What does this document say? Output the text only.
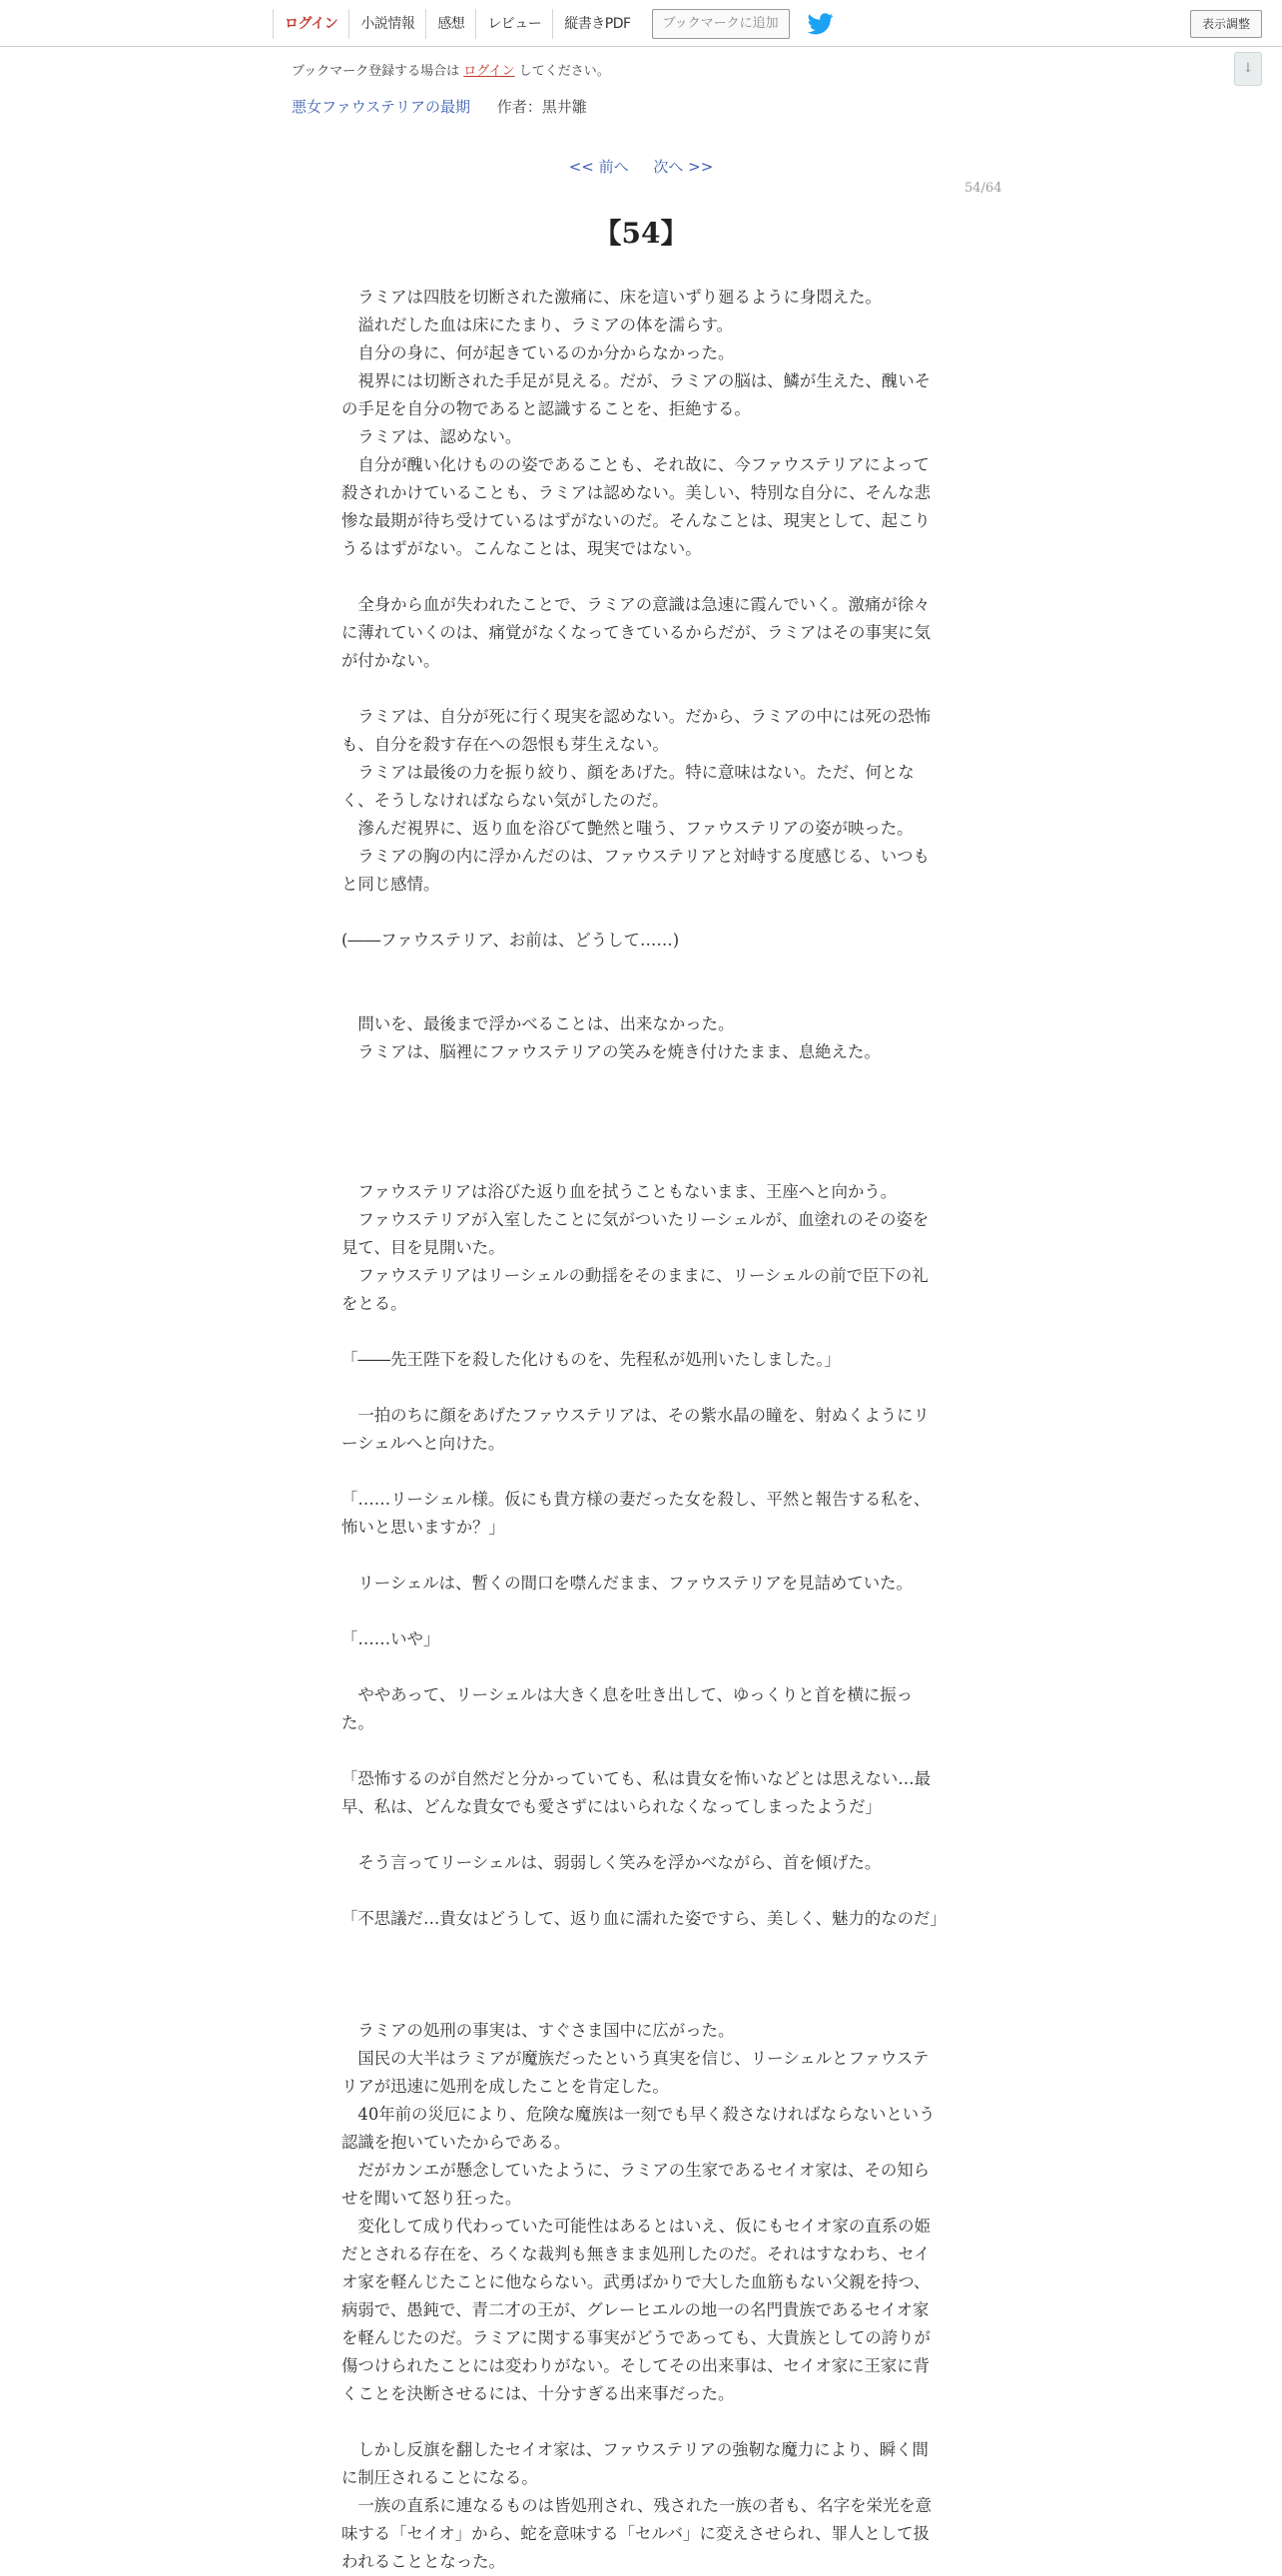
ログイン	小説情報	感想	レビュー	縦書きPDF	ブックマークに追加	表示調整
↓
ブックマーク登録する場合は ログイン してください。
悪女ファウステリアの最期 作者：黒井雛
<< 前へ 次へ >>
54/64
【54】

　ラミアは四肢を切断された激痛に、床を這いずり廻るように身悶えた。

　溢れだした血は床にたまり、ラミアの体を濡らす。

　自分の身に、何が起きているのか分からなかった。

　視界には切断された手足が見える。だが、ラミアの脳は、鱗が生えた、醜いその手足を自分の物であると認識することを、拒絶する。

　ラミアは、認めない。

　自分が醜い化けものの姿であることも、それ故に、今ファウステリアによって殺されかけていることも、ラミアは認めない。美しい、特別な自分に、そんな悲惨な最期が待ち受けているはずがないのだ。そんなことは、現実として、起こりうるはずがない。こんなことは、現実ではない。

　全身から血が失われたことで、ラミアの意識は急速に霞んでいく。激痛が徐々に薄れていくのは、痛覚がなくなってきているからだが、ラミアはその事実に気が付かない。

　ラミアは、自分が死に行く現実を認めない。だから、ラミアの中には死の恐怖も、自分を殺す存在への怨恨も芽生えない。

　ラミアは最後の力を振り絞り、顔をあげた。特に意味はない。ただ、何となく、そうしなければならない気がしたのだ。

　滲んだ視界に、返り血を浴びて艶然と嗤う、ファウステリアの姿が映った。

　ラミアの胸の内に浮かんだのは、ファウステリアと対峙する度感じる、いつもと同じ感情。

(――ファウステリア、お前は、どうして……)

　問いを、最後まで浮かべることは、出来なかった。

　ラミアは、脳裡にファウステリアの笑みを焼き付けたまま、息絶えた。

　ファウステリアは浴びた返り血を拭うこともないまま、王座へと向かう。

　ファウステリアが入室したことに気がついたリーシェルが、血塗れのその姿を見て、目を見開いた。

　ファウステリアはリーシェルの動揺をそのままに、リーシェルの前で臣下の礼をとる。

「――先王陛下を殺した化けものを、先程私が処刑いたしました。」

　一拍のちに顔をあげたファウステリアは、その紫水晶の瞳を、射ぬくようにリーシェルへと向けた。

「……リーシェル様。仮にも貴方様の妻だった女を殺し、平然と報告する私を、怖いと思いますか？」

　リーシェルは、暫くの間口を噤んだまま、ファウステリアを見詰めていた。

「……いや」

　ややあって、リーシェルは大きく息を吐き出して、ゆっくりと首を横に振った。

「恐怖するのが自然だと分かっていても、私は貴女を怖いなどとは思えない…最早、私は、どんな貴女でも愛さずにはいられなくなってしまったようだ」

　そう言ってリーシェルは、弱弱しく笑みを浮かべながら、首を傾げた。

「不思議だ…貴女はどうして、返り血に濡れた姿ですら、美しく、魅力的なのだ」

　ラミアの処刑の事実は、すぐさま国中に広がった。

　国民の大半はラミアが魔族だったという真実を信じ、リーシェルとファウステリアが迅速に処刑を成したことを肯定した。

　40年前の災厄により、危険な魔族は一刻でも早く殺さなければならないという認識を抱いていたからである。

　だがカンエが懸念していたように、ラミアの生家であるセイオ家は、その知らせを聞いて怒り狂った。

　変化して成り代わっていた可能性はあるとはいえ、仮にもセイオ家の直系の姫だとされる存在を、ろくな裁判も無きまま処刑したのだ。それはすなわち、セイオ家を軽んじたことに他ならない。武勇ばかりで大した血筋もない父親を持つ、病弱で、愚鈍で、青二才の王が、グレーヒエルの地一の名門貴族であるセイオ家を軽んじたのだ。ラミアに関する事実がどうであっても、大貴族としての誇りが傷つけられたことには変わりがない。そしてその出来事は、セイオ家に王家に背くことを決断させるには、十分すぎる出来事だった。

　しかし反旗を翻したセイオ家は、ファウステリアの強靭な魔力により、瞬く間に制圧されることになる。

　一族の直系に連なるものは皆処刑され、残された一族の者も、名字を栄光を意味する「セイオ」から、蛇を意味する「セルバ」に変えさせられ、罪人として扱われることとなった。
